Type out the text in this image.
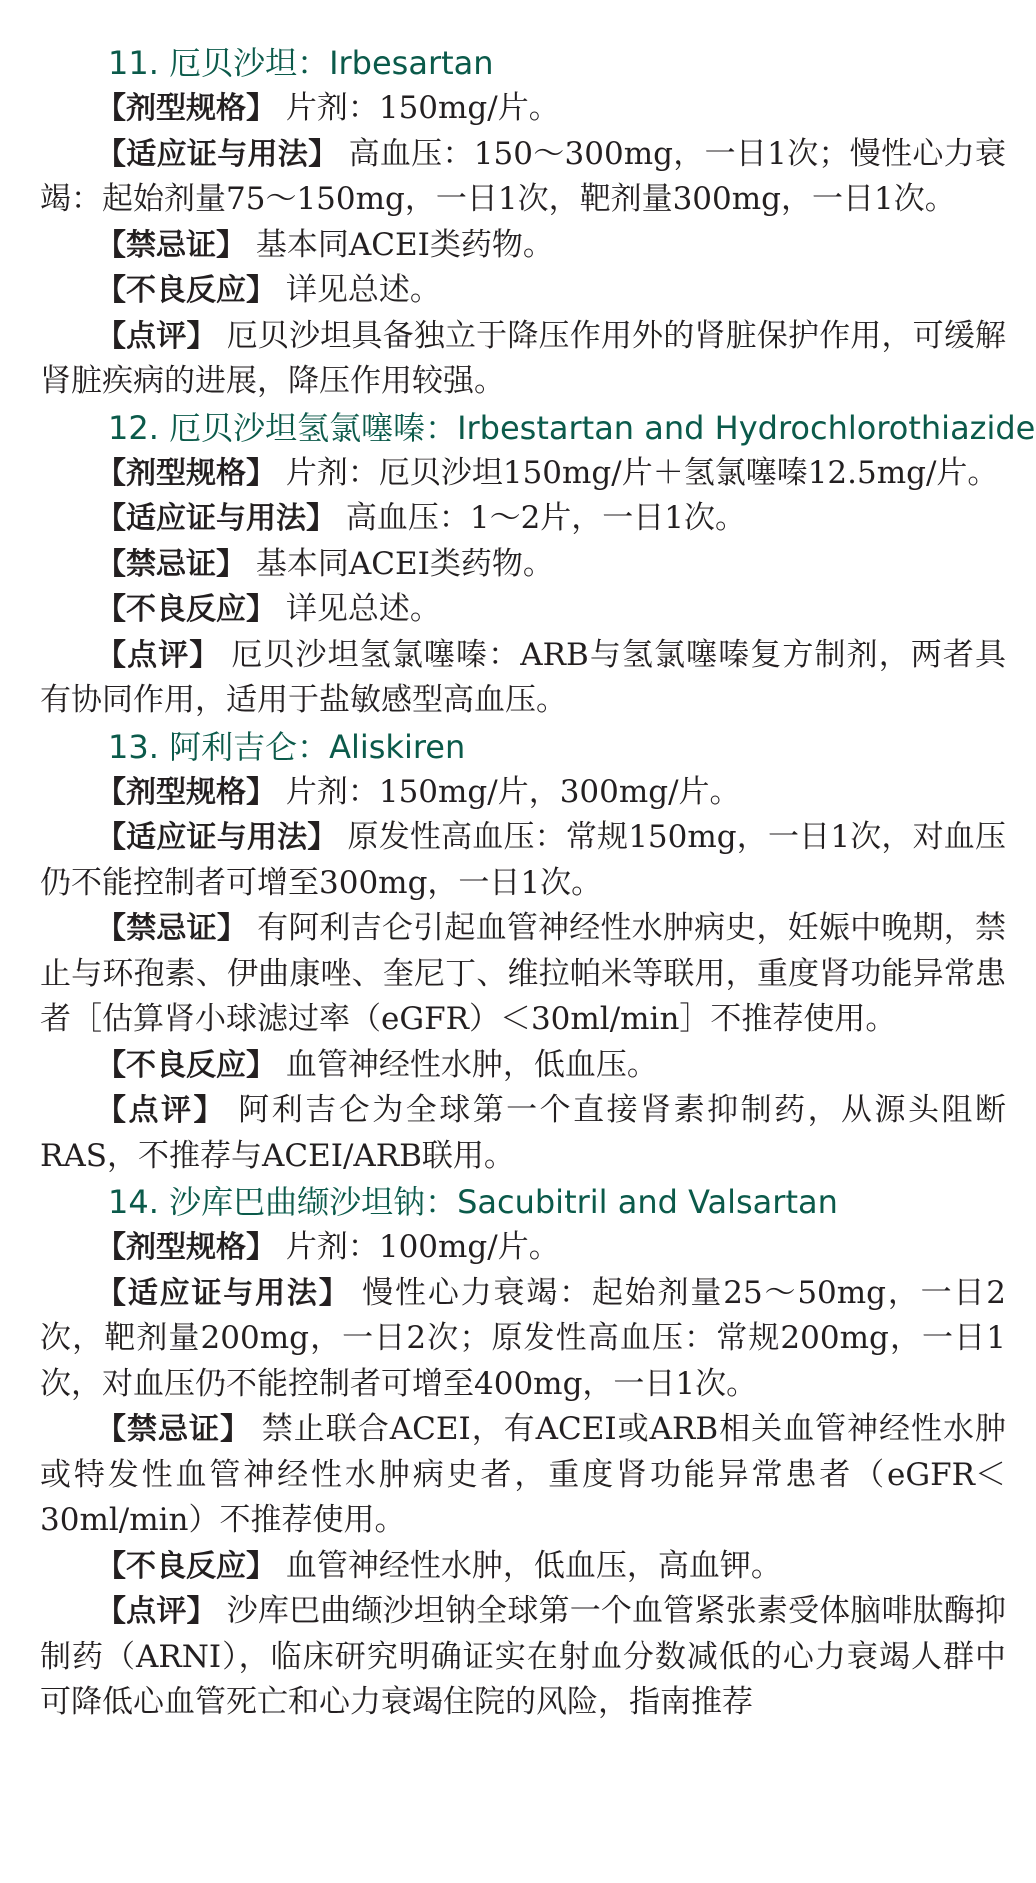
11. 厄贝沙坦：Irbesartan

【剂型规格】 片剂：150mg/片。

【适应证与用法】 高血压：150～300mg，一日1次；慢性心力衰竭：起始剂量75～150mg，一日1次，靶剂量300mg，一日1次。

【禁忌证】 基本同ACEI类药物。

【不良反应】 详见总述。

【点评】 厄贝沙坦具备独立于降压作用外的肾脏保护作用，可缓解肾脏疾病的进展，降压作用较强。

12. 厄贝沙坦氢氯噻嗪：Irbestartan and Hydrochlorothiazide

【剂型规格】 片剂：厄贝沙坦150mg/片＋氢氯噻嗪12.5mg/片。

【适应证与用法】 高血压：1～2片，一日1次。

【禁忌证】 基本同ACEI类药物。

【不良反应】 详见总述。

【点评】 厄贝沙坦氢氯噻嗪：ARB与氢氯噻嗪复方制剂，两者具有协同作用，适用于盐敏感型高血压。

13. 阿利吉仑：Aliskiren

【剂型规格】 片剂：150mg/片，300mg/片。

【适应证与用法】 原发性高血压：常规150mg，一日1次，对血压仍不能控制者可增至300mg，一日1次。

【禁忌证】 有阿利吉仑引起血管神经性水肿病史，妊娠中晚期，禁止与环孢素、伊曲康唑、奎尼丁、维拉帕米等联用，重度肾功能异常患者［估算肾小球滤过率（eGFR）＜30ml/min］不推荐使用。

【不良反应】 血管神经性水肿，低血压。

【点评】 阿利吉仑为全球第一个直接肾素抑制药，从源头阻断RAS，不推荐与ACEI/ARB联用。

14. 沙库巴曲缬沙坦钠：Sacubitril and Valsartan

【剂型规格】 片剂：100mg/片。

【适应证与用法】 慢性心力衰竭：起始剂量25～50mg，一日2次，靶剂量200mg，一日2次；原发性高血压：常规200mg，一日1次，对血压仍不能控制者可增至400mg，一日1次。

【禁忌证】 禁止联合ACEI，有ACEI或ARB相关血管神经性水肿或特发性血管神经性水肿病史者，重度肾功能异常患者（eGFR＜30ml/min）不推荐使用。

【不良反应】 血管神经性水肿，低血压，高血钾。

【点评】 沙库巴曲缬沙坦钠全球第一个血管紧张素受体脑啡肽酶抑制药（ARNI），临床研究明确证实在射血分数减低的心力衰竭人群中可降低心血管死亡和心力衰竭住院的风险，指南推荐
